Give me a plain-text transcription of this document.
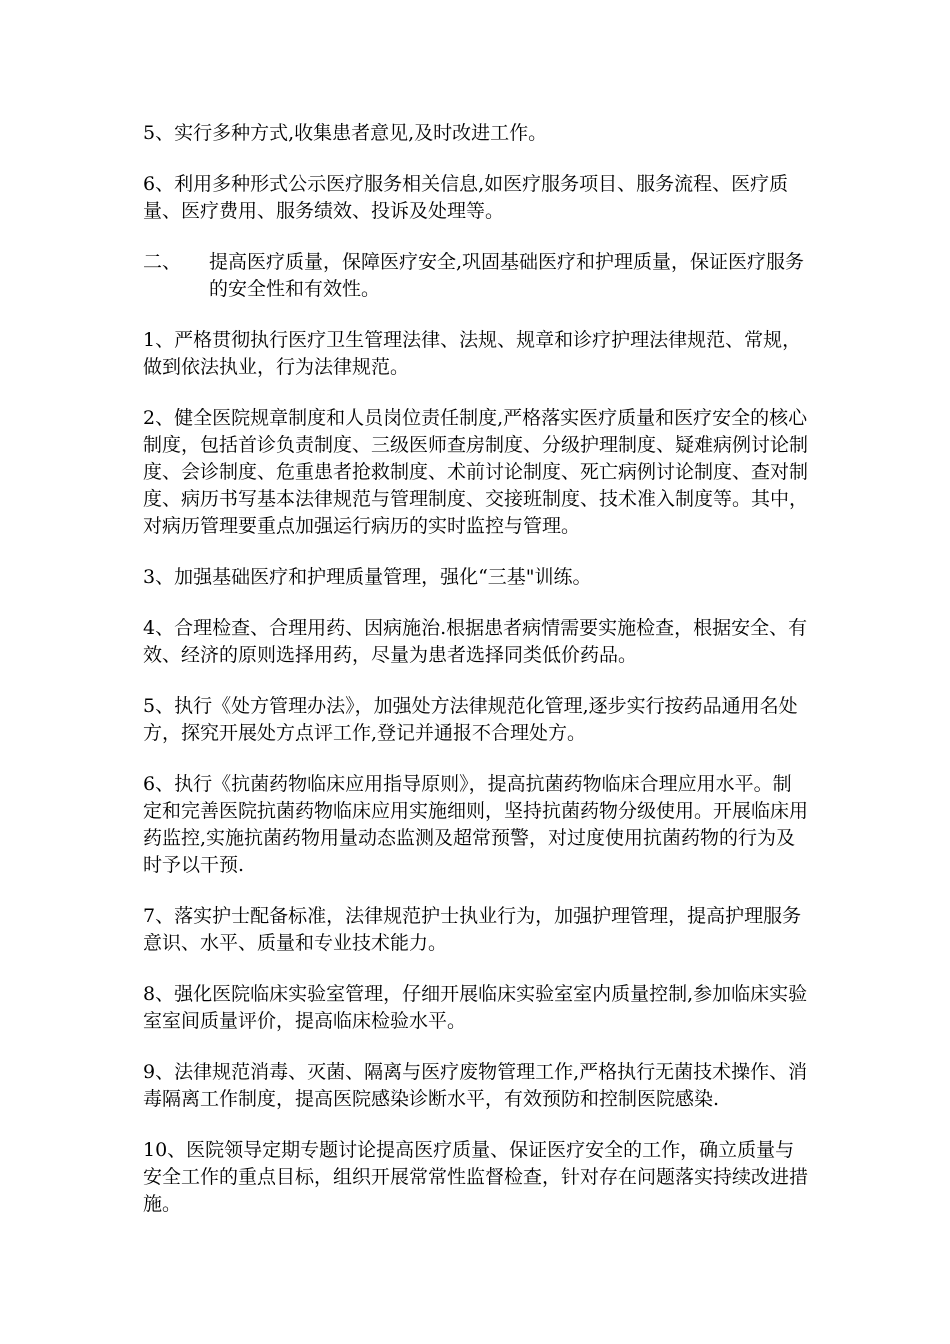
5、实行多种方式,收集患者意见,及时改进工作。

6、利用多种形式公示医疗服务相关信息,如医疗服务项目、服务流程、医疗质量、医疗费用、服务绩效、投诉及处理等。

二、	提高医疗质量，保障医疗安全,巩固基础医疗和护理质量，保证医疗服务的安全性和有效性。

1、严格贯彻执行医疗卫生管理法律、法规、规章和诊疗护理法律规范、常规，做到依法执业，行为法律规范。

2、健全医院规章制度和人员岗位责任制度,严格落实医疗质量和医疗安全的核心制度，包括首诊负责制度、三级医师查房制度、分级护理制度、疑难病例讨论制度、会诊制度、危重患者抢救制度、术前讨论制度、死亡病例讨论制度、查对制度、病历书写基本法律规范与管理制度、交接班制度、技术准入制度等。其中，对病历管理要重点加强运行病历的实时监控与管理。

3、加强基础医疗和护理质量管理，强化“三基"训练。

4、合理检查、合理用药、因病施治.根据患者病情需要实施检查，根据安全、有效、经济的原则选择用药，尽量为患者选择同类低价药品。

5、执行《处方管理办法》，加强处方法律规范化管理,逐步实行按药品通用名处方，探究开展处方点评工作,登记并通报不合理处方。

6、执行《抗菌药物临床应用指导原则》，提高抗菌药物临床合理应用水平。制定和完善医院抗菌药物临床应用实施细则，坚持抗菌药物分级使用。开展临床用药监控,实施抗菌药物用量动态监测及超常预警，对过度使用抗菌药物的行为及时予以干预.

7、落实护士配备标准，法律规范护士执业行为，加强护理管理，提高护理服务意识、水平、质量和专业技术能力。

8、强化医院临床实验室管理，仔细开展临床实验室室内质量控制,参加临床实验室室间质量评价，提高临床检验水平。

9、法律规范消毒、灭菌、隔离与医疗废物管理工作,严格执行无菌技术操作、消毒隔离工作制度，提高医院感染诊断水平，有效预防和控制医院感染.

10、医院领导定期专题讨论提高医疗质量、保证医疗安全的工作，确立质量与安全工作的重点目标，组织开展常常性监督检查，针对存在问题落实持续改进措施。
